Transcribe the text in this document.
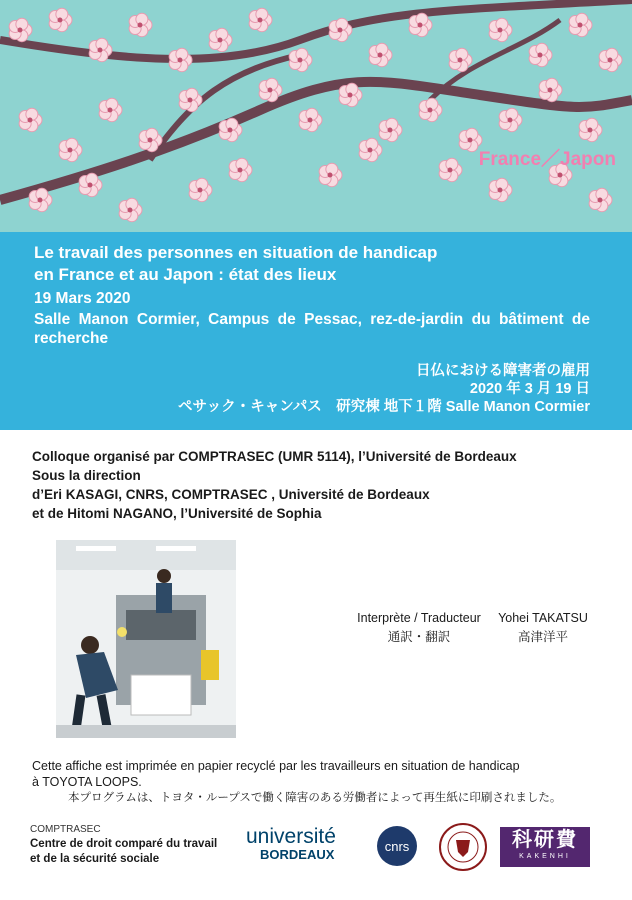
France／Japon
Le travail des personnes en situation de handicap
en France et au Japon : état des lieux
19 Mars 2020
Salle Manon Cormier, Campus de Pessac, rez-de-jardin du bâtiment de recherche
日仏における障害者の雇用
2020 年 3 月 19 日
ペサック・キャンパス　研究棟 地下１階 Salle Manon Cormier
Colloque organisé par COMPTRASEC (UMR 5114), l’Université de Bordeaux
Sous la direction
d’Eri KASAGI, CNRS, COMPTRASEC , Université de Bordeaux
et de Hitomi NAGANO, l’Université de Sophia
Interprète / Traducteur	Yohei TAKATSU
通訳・翻訳	高津洋平
Cette affiche est imprimée en papier recyclé par les travailleurs en situation de handicap
à TOYOTA LOOPS.
本プログラムは、トヨタ・ループスで働く障害のある労働者によって再生紙に印刷されました。
COMPTRASEC
Centre de droit comparé du travail
et de la sécurité sociale
université
BORDEAUX
cnrs	科研費
KAKENHI
